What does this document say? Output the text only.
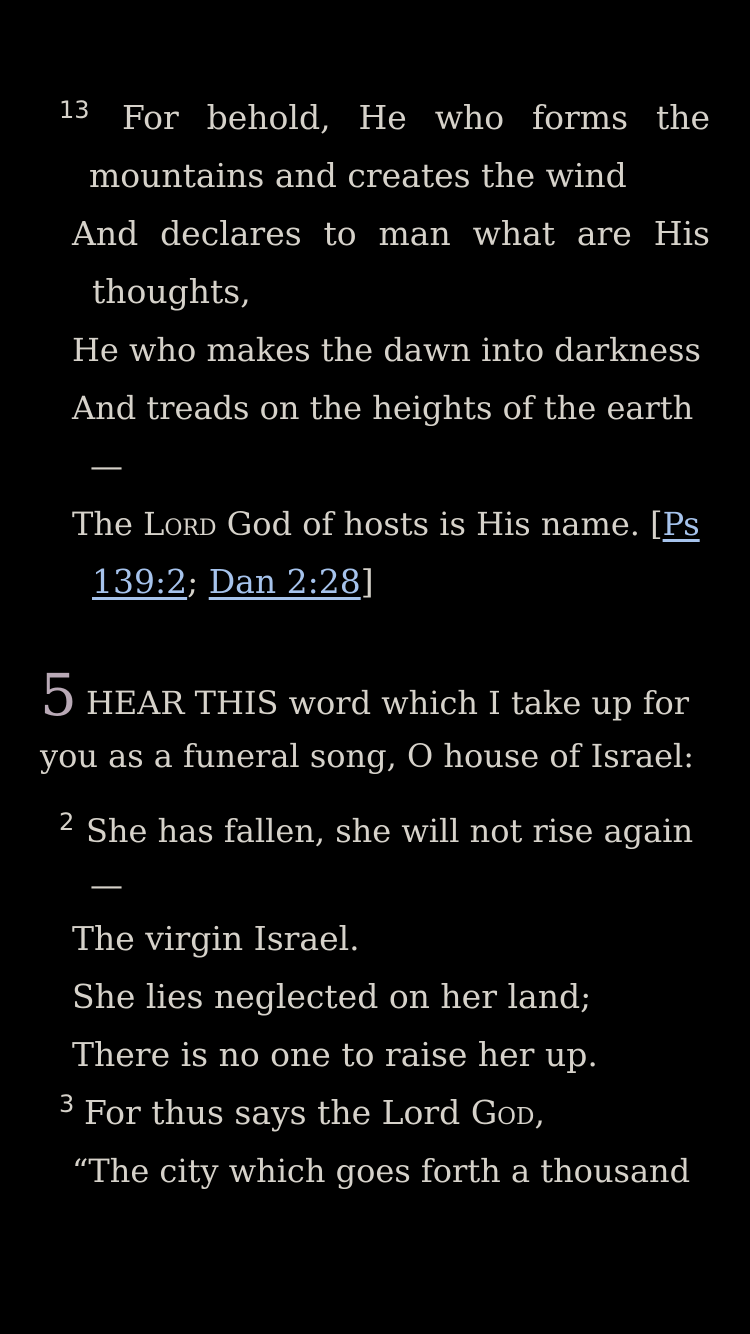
13 For behold, He who forms the
mountains and creates the wind
And declares to man what are His
thoughts,
He who makes the dawn into darkness
And treads on the heights of the earth
—
The Lord God of hosts is His name. [Ps
139:2; Dan 2:28]
5 HEAR THIS word which I take up for
you as a funeral song, O house of Israel:
2 She has fallen, she will not rise again
—
The virgin Israel.
She lies neglected on her land;
There is no one to raise her up.
3 For thus says the Lord God,
“The city which goes forth a thousand
